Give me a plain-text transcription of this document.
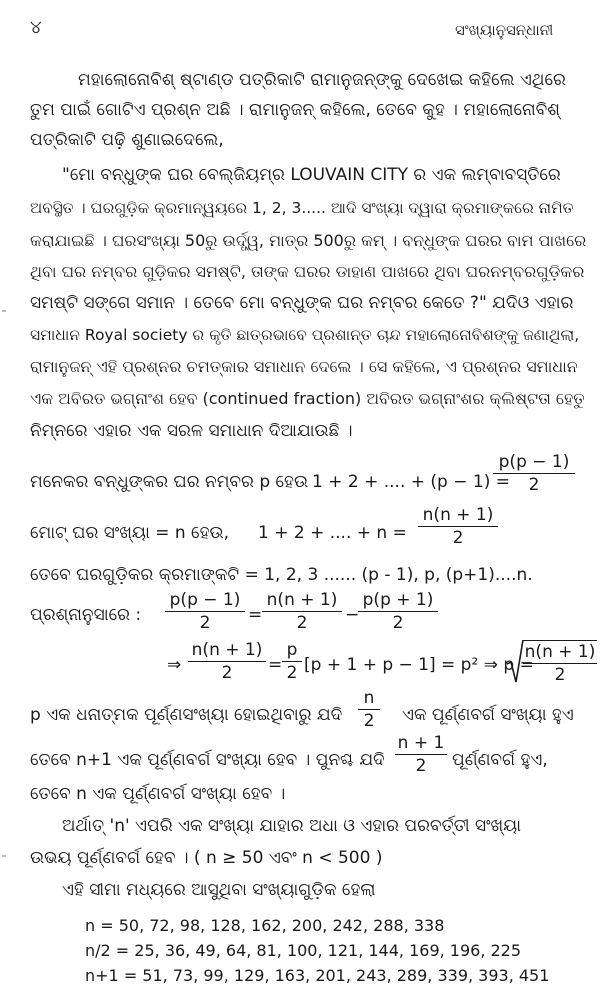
୪	ସଂଖ୍ୟାନୁସନ୍ଧାନୀ
ମହାଲୋନୋବିଶ୍ ଷ୍ଟାଣ୍ଡ ପତ୍ରିକାଟି ରାମାନୁଜନ୍‌ଙ୍କୁ ଦେଖେଇ କହିଲେ ଏଥିରେ
ତୁମ ପାଇଁ ଗୋଟିଏ ପ୍ରଶ୍ନ ଅଛି । ରାମାନୁଜନ୍ କହିଲେ, ତେବେ କୁହ । ମହାଲୋନୋବିଶ୍
ପତ୍ରିକାଟି ପଢ଼ି ଶୁଣାଇଦେଲେ,
"ମୋ ବନ୍ଧୁଙ୍କ ଘର ବେଲ୍‌ଜିୟମ୍‌ର LOUVAIN CITY ର ଏକ ଲମ୍ବାବସ୍ତିରେ
ଅବସ୍ଥିତ । ଘରଗୁଡ଼ିକ କ୍ରମାନ୍ୱୟରେ 1, 2, 3..... ଆଦି ସଂଖ୍ୟା ଦ୍ୱାରା କ୍ରମାଙ୍କରେ ନାମିତ
କରାଯାଇଛି । ଘରସଂଖ୍ୟା 50ରୁ ଉର୍ଦ୍ଧ୍ୱ, ମାତ୍ର 500ରୁ କମ୍ । ବନ୍ଧୁଙ୍କ ଘରର ବାମ ପାଖରେ
ଥିବା ଘର ନମ୍ବର ଗୁଡ଼ିକର ସମଷ୍ଟି, ତାଙ୍କ ଘରର ଡାହାଣ ପାଖରେ ଥିବା ଘରନମ୍ବରଗୁଡ଼ିକର
ସମଷ୍ଟି ସଙ୍ଗେ ସମାନ । ତେବେ ମୋ ବନ୍ଧୁଙ୍କ ଘର ନମ୍ବର କେତେ ?" ଯଦିଓ ଏହାର
ସମାଧାନ Royal society ର କୃତି ଛାତ୍ରଭାବେ ପ୍ରଶାନ୍ତ ଚାନ୍ଦ ମହାଲୋନୋବିଶଙ୍କୁ ଜଣାଥିଲା,
ରାମାନୁଜନ୍ ଏହି ପ୍ରଶ୍ନର ଚମତ୍କାର ସମାଧାନ ଦେଲେ । ସେ କହିଲେ, ଏ ପ୍ରଶ୍ନର ସମାଧାନ
ଏକ ଅବିରତ ଭଗ୍ନାଂଶ ହେବ (continued fraction) ଅବିରତ ଭଗ୍ନାଂଶର କ୍ଲିଷ୍ଟତା ହେତୁ
ନିମ୍ନରେ ଏହାର ଏକ ସରଳ ସମାଧାନ ଦିଆଯାଉଛି ।
ମନେକର ବନ୍ଧୁଙ୍କର ଘର ନମ୍ବର p ହେଉ 1 + 2 + .... + (p − 1) =
p(p − 1)
2
ମୋଟ୍ ଘର ସଂଖ୍ୟା = n ହେଉ, 1 + 2 + .... + n =
n(n + 1)
2
ତେବେ ଘରଗୁଡ଼ିକର କ୍ରମାଙ୍କଟି = 1, 2, 3 ...... (p - 1), p, (p+1)....n.
ପ୍ରଶ୍ନାନୁସାରେ :
p(p − 1)
2	=
n(n + 1)
2	−
p(p + 1)
2
⇒
n(n + 1)
2	=
p
2 [p + 1 + p − 1] = p² ⇒ p =
n(n + 1)
2
p ଏକ ଧନାତ୍ମକ ପୂର୍ଣ୍ଣସଂଖ୍ୟା ହୋଇଥିବାରୁ ଯଦି
n
2	ଏକ ପୂର୍ଣ୍ଣବର୍ଗ ସଂଖ୍ୟା ହୁଏ
ତେବେ n+1 ଏକ ପୂର୍ଣ୍ଣବର୍ଗ ସଂଖ୍ୟା ହେବ । ପୁନଶ୍ଚ ଯଦି
n + 1
2	ପୂର୍ଣ୍ଣବର୍ଗ ହୁଏ,
ତେବେ n ଏକ ପୂର୍ଣ୍ଣବର୍ଗ ସଂଖ୍ୟା ହେବ ।
ଅର୍ଥାତ୍ 'n' ଏପରି ଏକ ସଂଖ୍ୟା ଯାହାର ଅଧା ଓ ଏହାର ପରବର୍ତ୍ତୀ ସଂଖ୍ୟା
ଉଭୟ ପୂର୍ଣ୍ଣବର୍ଗ ହେବ । ( n ≥ 50 ଏବଂ n < 500 )
ଏହି ସୀମା ମଧ୍ୟରେ ଆସୁଥିବା ସଂଖ୍ୟାଗୁଡ଼ିକ ହେଲା
n = 50, 72, 98, 128, 162, 200, 242, 288, 338
n/2 = 25, 36, 49, 64, 81, 100, 121, 144, 169, 196, 225
n+1 = 51, 73, 99, 129, 163, 201, 243, 289, 339, 393, 451
